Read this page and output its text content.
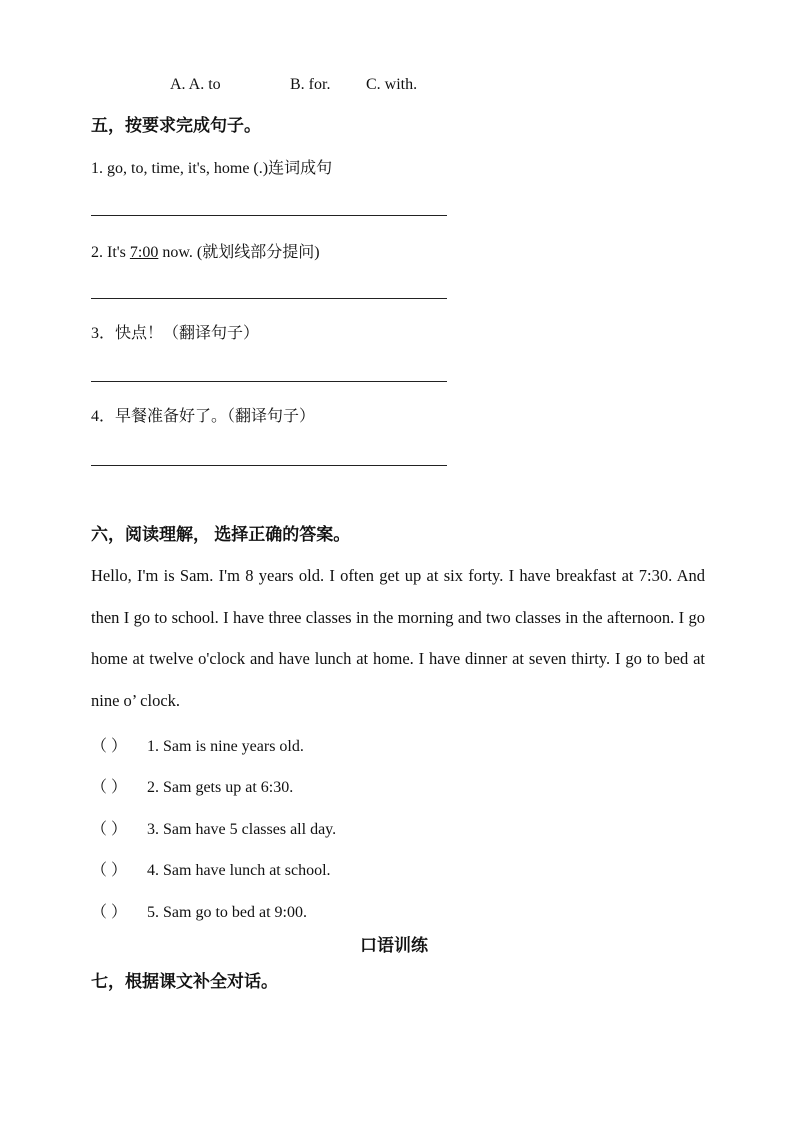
A. A. to	B. for. C. with.
五，按要求完成句子。
1. go, to, time, it's, home (.)连词成句
2. It's 7:00 now. (就划线部分提问)
3．快点！（翻译句子）
4．早餐准备好了。（翻译句子）
六，阅读理解， 选择正确的答案。
Hello, I'm is Sam. I'm 8 years old. I often get up at six forty. I have breakfast at 7:30. And then I go to school. I have three classes in the morning and two classes in the afternoon. I go home at twelve o'clock and have lunch at home. I have dinner at seven thirty. I go to bed at nine o’ clock.
（ ） 1. Sam is nine years old.
（ ） 2. Sam gets up at 6:30.
（ ） 3. Sam have 5 classes all day.
（ ） 4. Sam have lunch at school.
（ ） 5. Sam go to bed at 9:00.
口语训练
七，根据课文补全对话。
